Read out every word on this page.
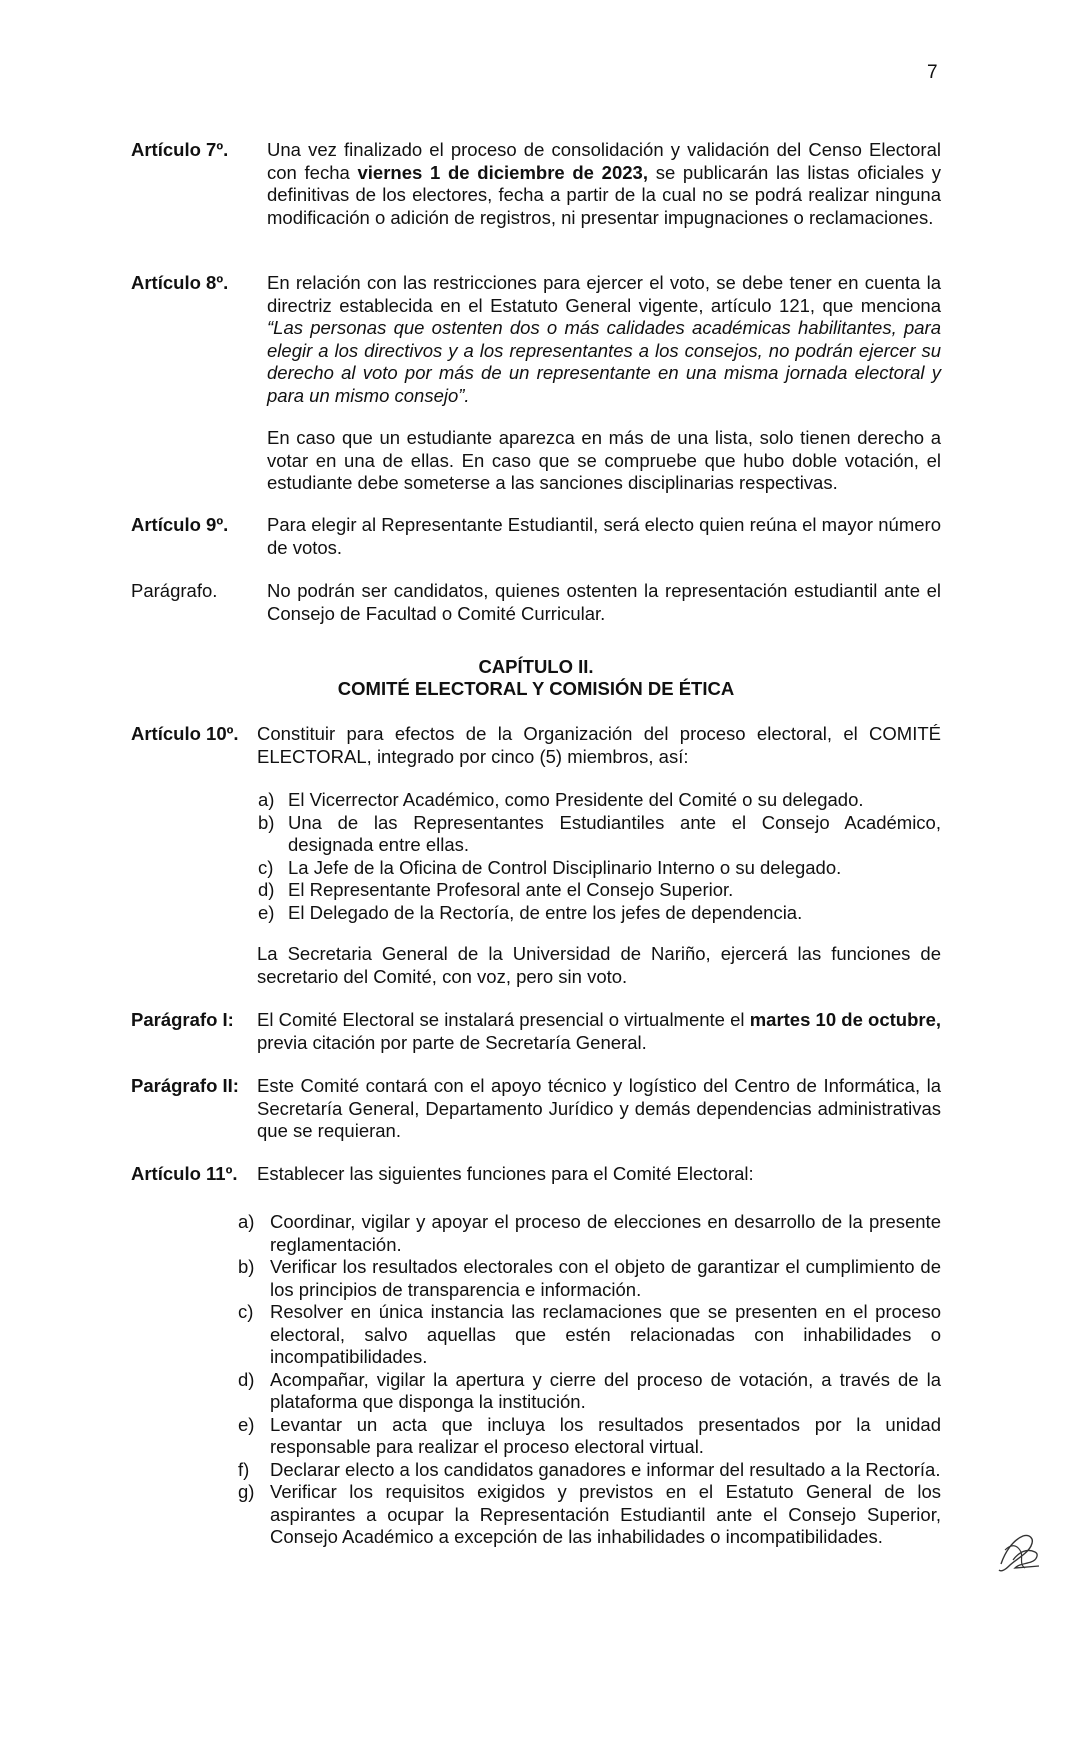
7
Artículo 7º. Una vez finalizado el proceso de consolidación y validación del Censo Electoral con fecha viernes 1 de diciembre de 2023, se publicarán las listas oficiales y definitivas de los electores, fecha a partir de la cual no se podrá realizar ninguna modificación o adición de registros, ni presentar impugnaciones o reclamaciones.
Artículo 8º. En relación con las restricciones para ejercer el voto, se debe tener en cuenta la directriz establecida en el Estatuto General vigente, artículo 121, que menciona “Las personas que ostenten dos o más calidades académicas habilitantes, para elegir a los directivos y a los representantes a los consejos, no podrán ejercer su derecho al voto por más de un representante en una misma jornada electoral y para un mismo consejo”.
En caso que un estudiante aparezca en más de una lista, solo tienen derecho a votar en una de ellas. En caso que se compruebe que hubo doble votación, el estudiante debe someterse a las sanciones disciplinarias respectivas.
Artículo 9º. Para elegir al Representante Estudiantil, será electo quien reúna el mayor número de votos.
Parágrafo.	No podrán ser candidatos, quienes ostenten la representación estudiantil ante el Consejo de Facultad o Comité Curricular.
CAPÍTULO II.
COMITÉ ELECTORAL Y COMISIÓN DE ÉTICA
Artículo 10º. Constituir para efectos de la Organización del proceso electoral, el COMITÉ ELECTORAL, integrado por cinco (5) miembros, así:
a) El Vicerrector Académico, como Presidente del Comité o su delegado.
b) Una de las Representantes Estudiantiles ante el Consejo Académico, designada entre ellas.
c) La Jefe de la Oficina de Control Disciplinario Interno o su delegado.
d) El Representante Profesoral ante el Consejo Superior.
e) El Delegado de la Rectoría, de entre los jefes de dependencia.
La Secretaria General de la Universidad de Nariño, ejercerá las funciones de secretario del Comité, con voz, pero sin voto.
Parágrafo I: El Comité Electoral se instalará presencial o virtualmente el martes 10 de octubre, previa citación por parte de Secretaría General.
Parágrafo II: Este Comité contará con el apoyo técnico y logístico del Centro de Informática, la Secretaría General, Departamento Jurídico y demás dependencias administrativas que se requieran.
Artículo 11º. Establecer las siguientes funciones para el Comité Electoral:
a) Coordinar, vigilar y apoyar el proceso de elecciones en desarrollo de la presente reglamentación.
b) Verificar los resultados electorales con el objeto de garantizar el cumplimiento de los principios de transparencia e información.
c) Resolver en única instancia las reclamaciones que se presenten en el proceso electoral, salvo aquellas que estén relacionadas con inhabilidades o incompatibilidades.
d) Acompañar, vigilar la apertura y cierre del proceso de votación, a través de la plataforma que disponga la institución.
e) Levantar un acta que incluya los resultados presentados por la unidad responsable para realizar el proceso electoral virtual.
f) Declarar electo a los candidatos ganadores e informar del resultado a la Rectoría.
g) Verificar los requisitos exigidos y previstos en el Estatuto General de los aspirantes a ocupar la Representación Estudiantil ante el Consejo Superior, Consejo Académico a excepción de las inhabilidades o incompatibilidades.
